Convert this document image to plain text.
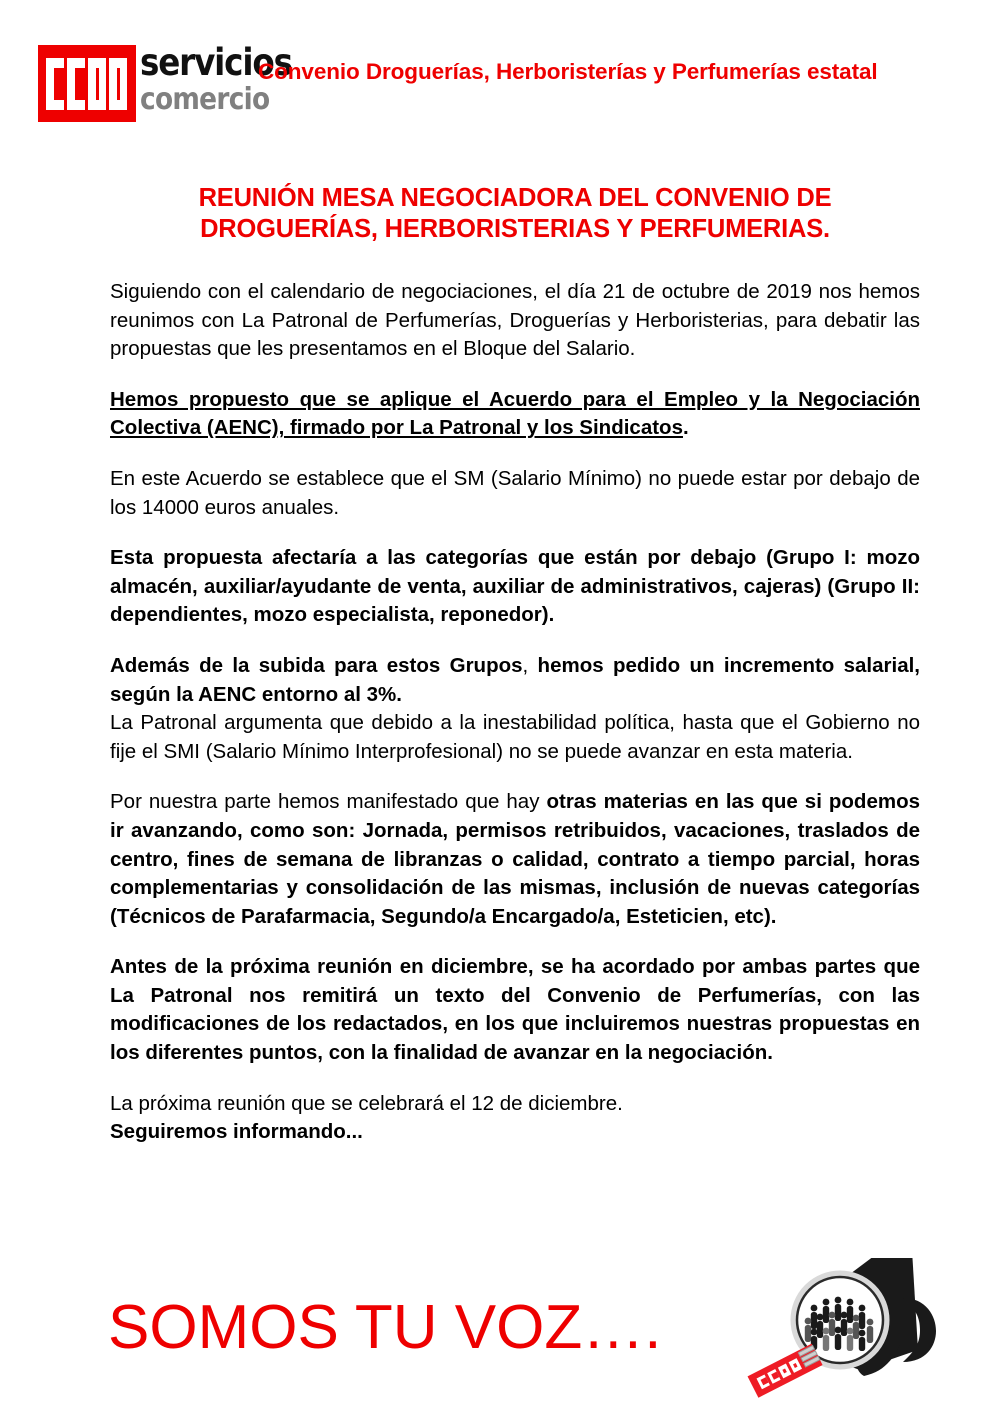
servicios
comercio
Convenio Droguerías, Herboristerías y Perfumerías estatal
REUNIÓN MESA NEGOCIADORA DEL CONVENIO DE DROGUERÍAS, HERBORISTERIAS Y PERFUMERIAS.

Siguiendo con el calendario de negociaciones, el día 21 de octubre de 2019 nos hemos reunimos con La Patronal de Perfumerías, Droguerías y Herboristerias, para debatir las propuestas que les presentamos en el Bloque del Salario.

Hemos propuesto que se aplique el Acuerdo para el Empleo y la Negociación Colectiva (AENC), firmado por La Patronal y los Sindicatos.

En este Acuerdo se establece que el SM (Salario Mínimo) no puede estar por debajo de los 14000 euros anuales.

Esta propuesta afectaría a las categorías que están por debajo (Grupo I: mozo almacén, auxiliar/ayudante de venta, auxiliar de administrativos, cajeras) (Grupo II: dependientes, mozo especialista, reponedor).

Además de la subida para estos Grupos, hemos pedido un incremento salarial, según la AENC entorno al 3%.

La Patronal argumenta que debido a la inestabilidad política, hasta que el Gobierno no fije el SMI (Salario Mínimo Interprofesional) no se puede avanzar en esta materia.

Por nuestra parte hemos manifestado que hay otras materias en las que si podemos ir avanzando, como son: Jornada, permisos retribuidos, vacaciones, traslados de centro, fines de semana de libranzas o calidad, contrato a tiempo parcial, horas complementarias y consolidación de las mismas, inclusión de nuevas categorías (Técnicos de Parafarmacia, Segundo/a Encargado/a, Esteticien, etc).

Antes de la próxima reunión en diciembre, se ha acordado por ambas partes que La Patronal nos remitirá un texto del Convenio de Perfumerías, con las modificaciones de los redactados, en los que incluiremos nuestras propuestas en los diferentes puntos, con la finalidad de avanzar en la negociación.

La próxima reunión que se celebrará el 12 de diciembre.

Seguiremos informando...

SOMOS TU VOZ….
